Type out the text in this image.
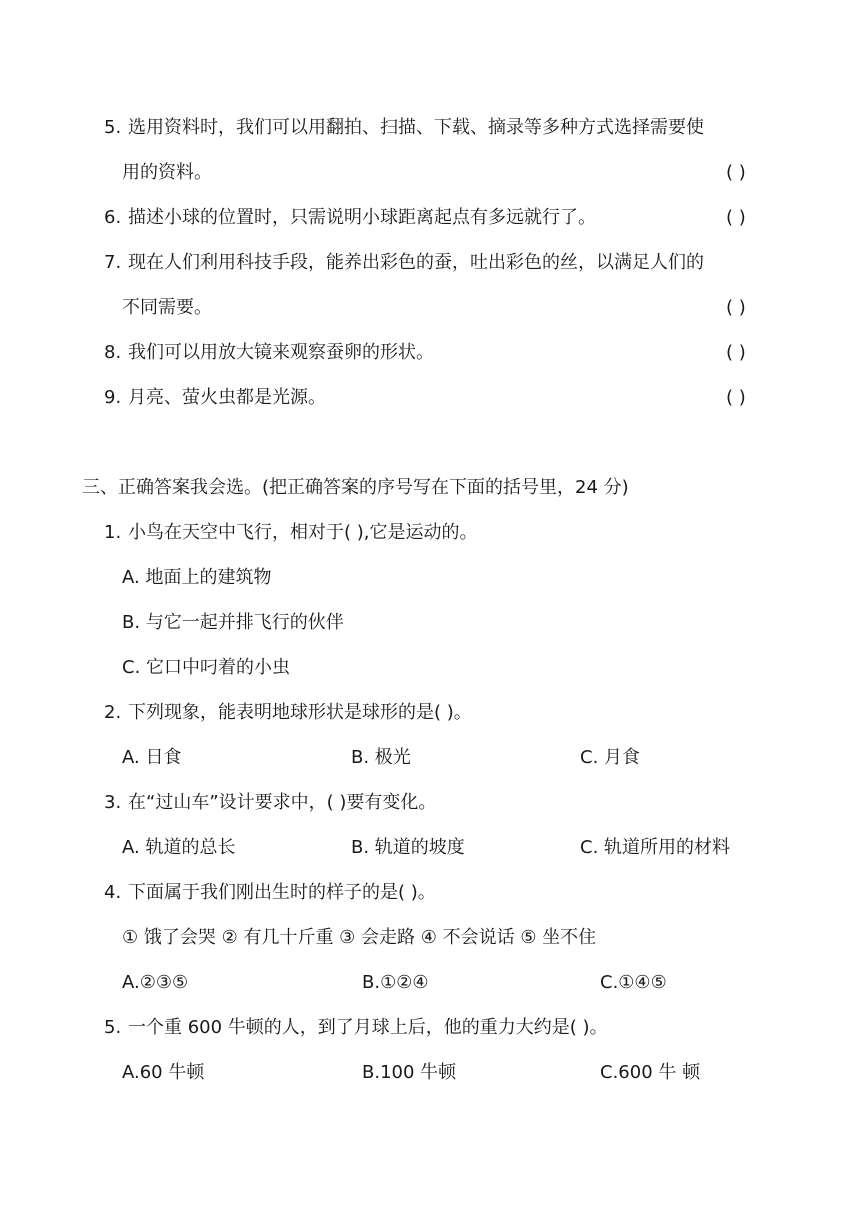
5. 选用资料时，我们可以用翻拍、扫描、下载、摘录等多种方式选择需要使
用的资料。	( )
6. 描述小球的位置时，只需说明小球距离起点有多远就行了。	( )
7. 现在人们利用科技手段，能养出彩色的蚕，吐出彩色的丝，以满足人们的
不同需要。	( )
8. 我们可以用放大镜来观察蚕卵的形状。	( )
9. 月亮、萤火虫都是光源。	( )
三、正确答案我会选。(把正确答案的序号写在下面的括号里，24 分)
1. 小鸟在天空中飞行，相对于( ),它是运动的。
A. 地面上的建筑物
B. 与它一起并排飞行的伙伴
C. 它口中叼着的小虫
2. 下列现象，能表明地球形状是球形的是( )。
A. 日食	B. 极光	C. 月食
3. 在“过山车”设计要求中，( )要有变化。
A. 轨道的总长	B. 轨道的坡度	C. 轨道所用的材料
4. 下面属于我们刚出生时的样子的是( )。
① 饿了会哭 ② 有几十斤重 ③ 会走路 ④ 不会说话 ⑤ 坐不住
A.②③⑤	B.①②④	C.①④⑤
5. 一个重 600 牛顿的人，到了月球上后，他的重力大约是( )。
A.60 牛顿	B.100 牛顿	C.600 牛 顿
